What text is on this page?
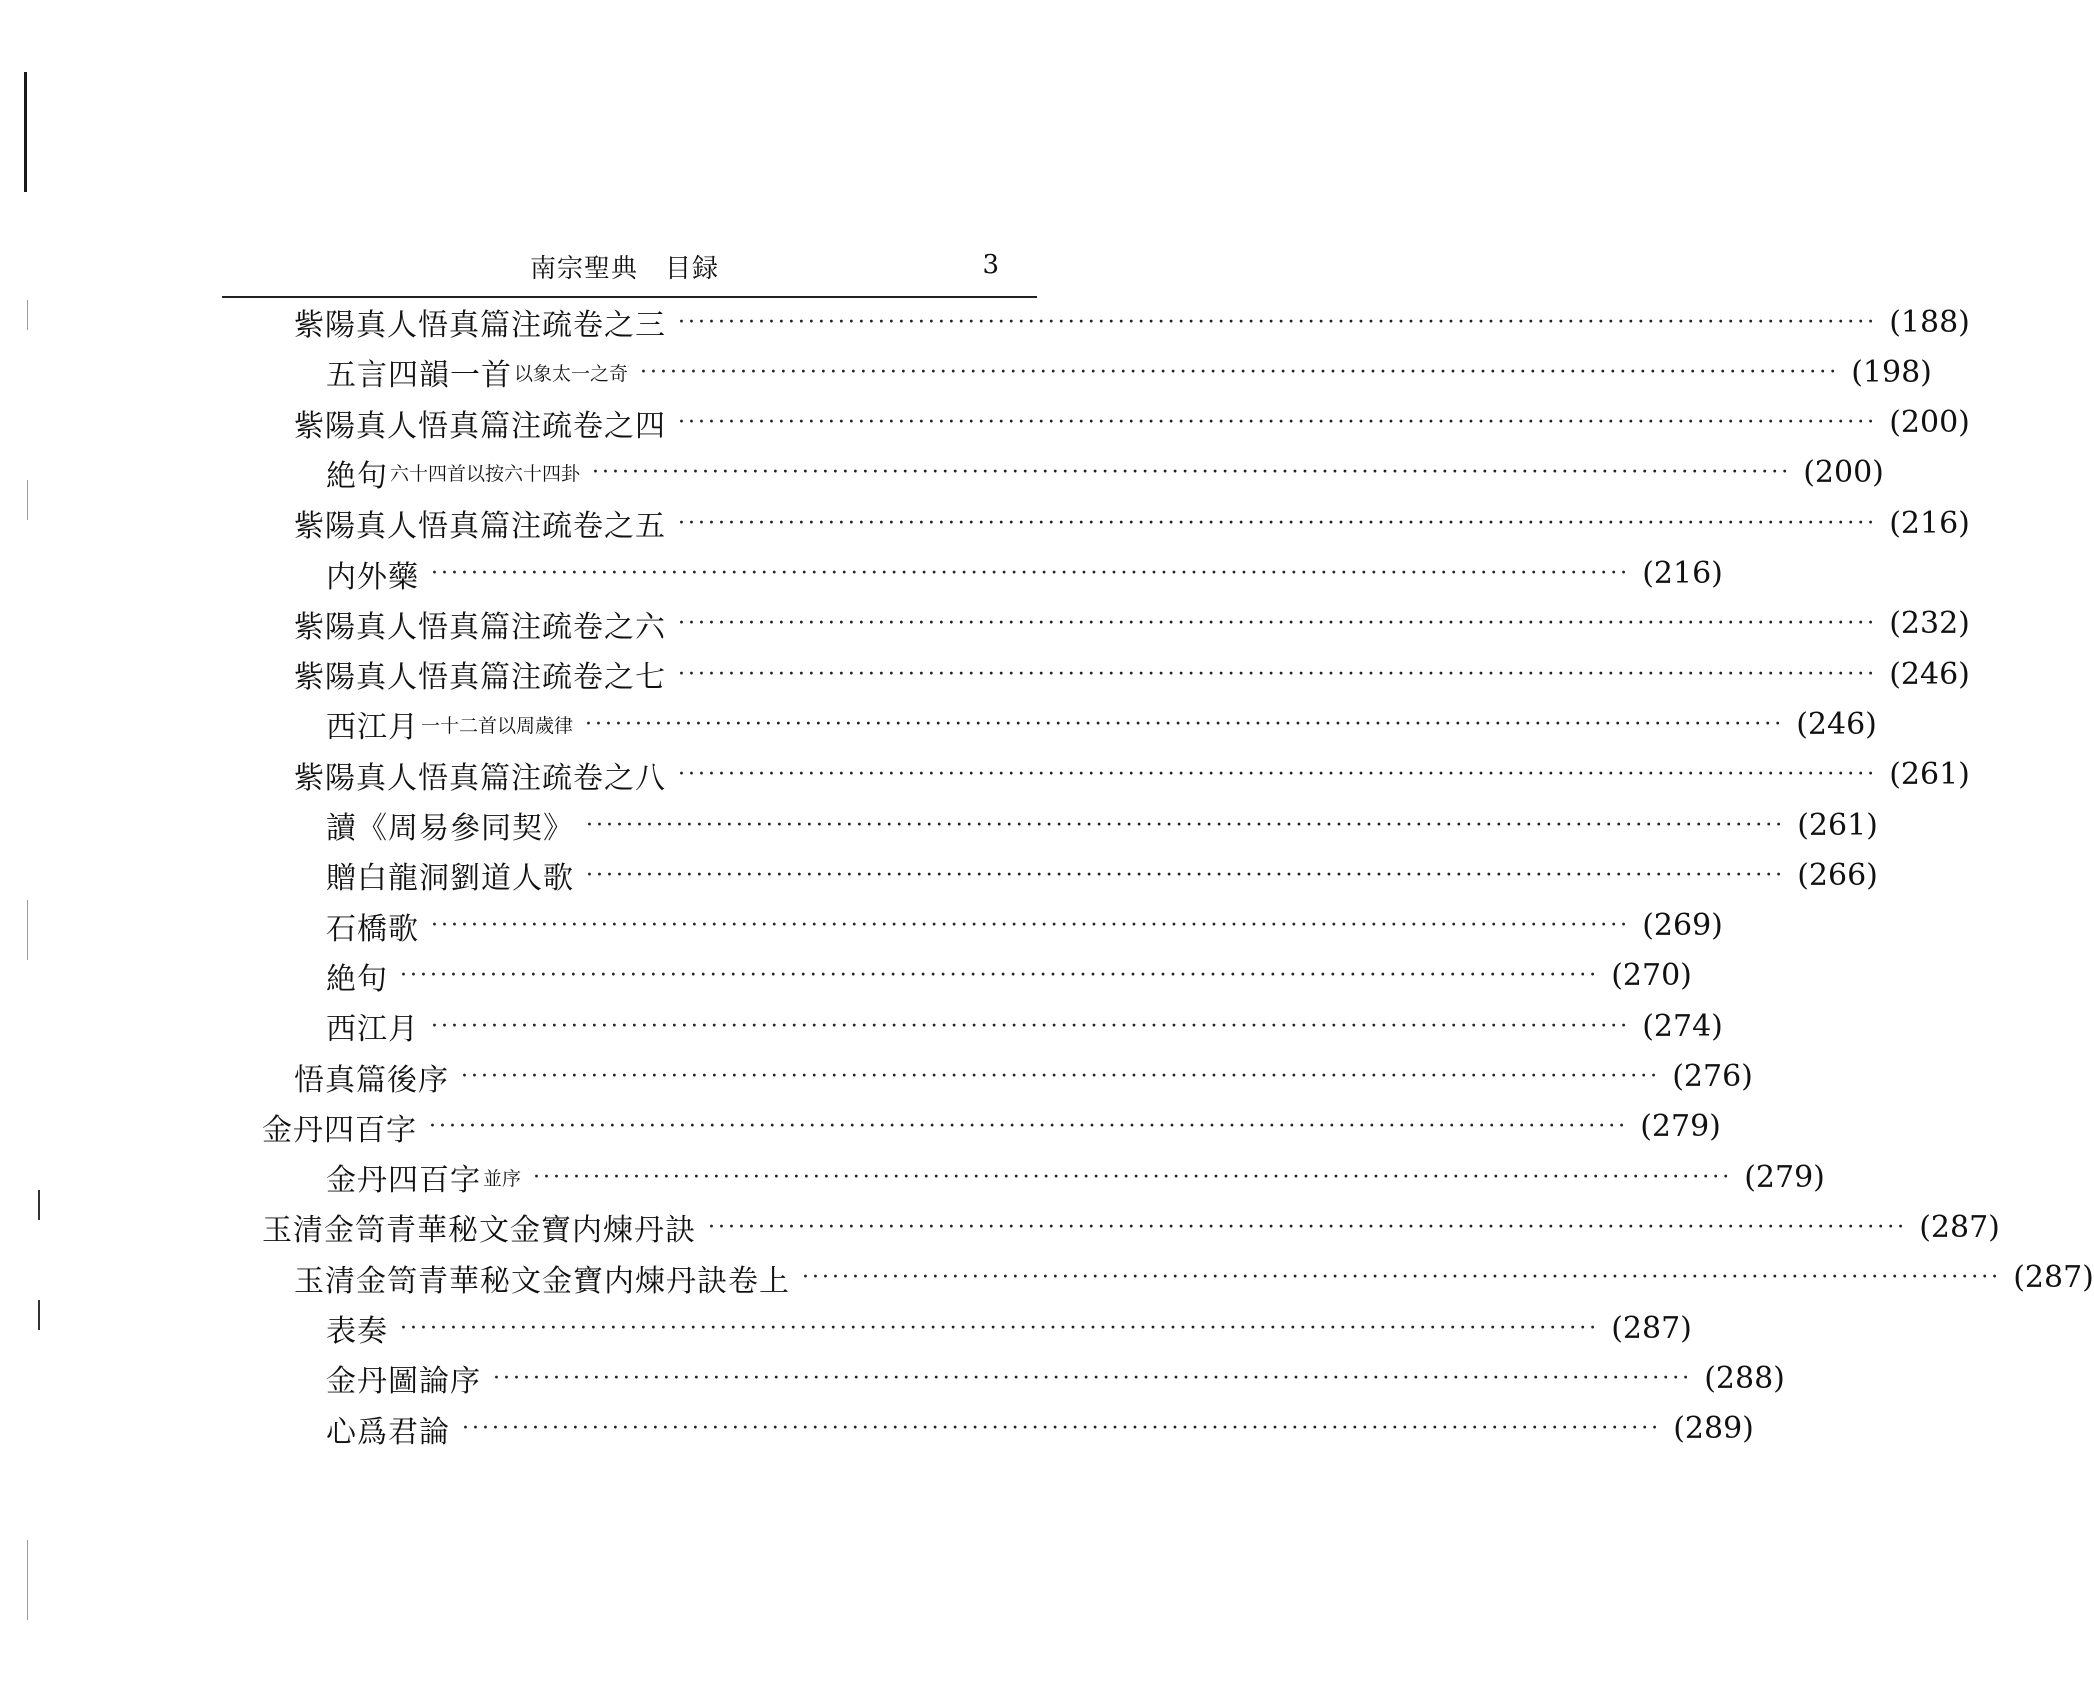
南宗聖典　目録	3
紫陽真人悟真篇注疏卷之三 ························································································································ (188)
五言四韻一首 以象太一之奇 ························································································································ (198)
紫陽真人悟真篇注疏卷之四 ························································································································ (200)
絶句 六十四首以按六十四卦 ························································································································ (200)
紫陽真人悟真篇注疏卷之五 ························································································································ (216)
内外藥 ························································································································ (216)
紫陽真人悟真篇注疏卷之六 ························································································································ (232)
紫陽真人悟真篇注疏卷之七 ························································································································ (246)
西江月 一十二首以周歲律 ························································································································ (246)
紫陽真人悟真篇注疏卷之八 ························································································································ (261)
讀《周易參同契》 ························································································································ (261)
贈白龍洞劉道人歌 ························································································································ (266)
石橋歌 ························································································································ (269)
絶句 ························································································································ (270)
西江月 ························································································································ (274)
悟真篇後序 ························································································································ (276)
金丹四百字 ························································································································ (279)
金丹四百字 並序 ························································································································ (279)
玉清金笥青華秘文金寶内煉丹訣 ························································································································ (287)
玉清金笥青華秘文金寶内煉丹訣卷上 ························································································································ (287)
表奏 ························································································································ (287)
金丹圖論序 ························································································································ (288)
心爲君論 ························································································································ (289)
